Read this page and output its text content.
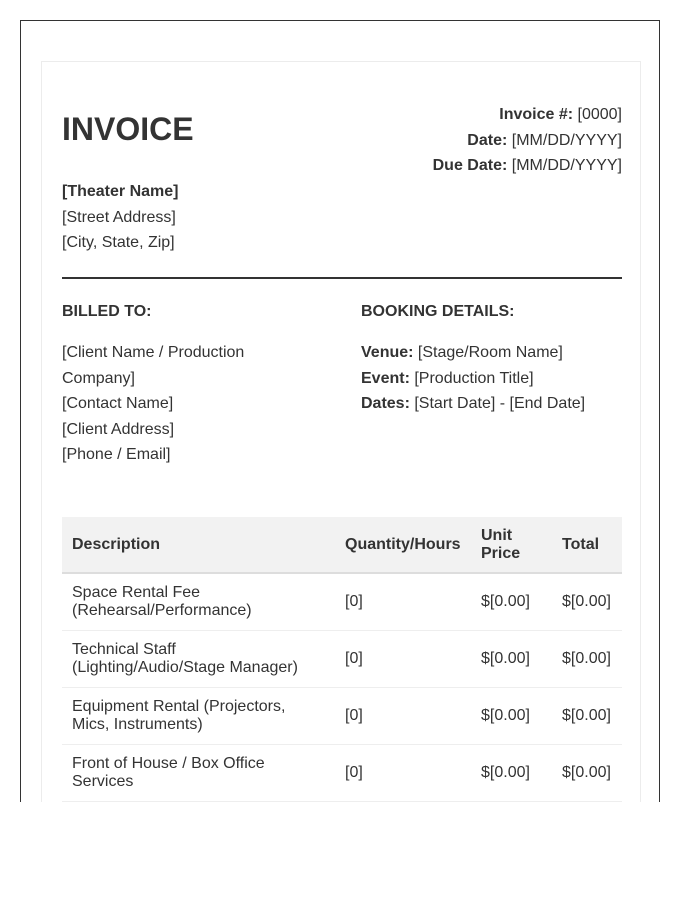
INVOICE	Invoice #: [0000]
Date: [MM/DD/YYYY]
Due Date: [MM/DD/YYYY]
[Theater Name]
[Street Address]
[City, State, Zip]
BILLED TO:
[Client Name / Production Company]
[Contact Name]
[Client Address]
[Phone / Email]
BOOKING DETAILS:
Venue: [Stage/Room Name]
Event: [Production Title]
Dates: [Start Date] - [End Date]
Description	Quantity/Hours	Unit Price	Total
Space Rental Fee (Rehearsal/Performance)	[0]	$[0.00]	$[0.00]
Technical Staff (Lighting/Audio/Stage Manager)	[0]	$[0.00]	$[0.00]
Equipment Rental (Projectors, Mics, Instruments)	[0]	$[0.00]	$[0.00]
Front of House / Box Office Services	[0]	$[0.00]	$[0.00]
